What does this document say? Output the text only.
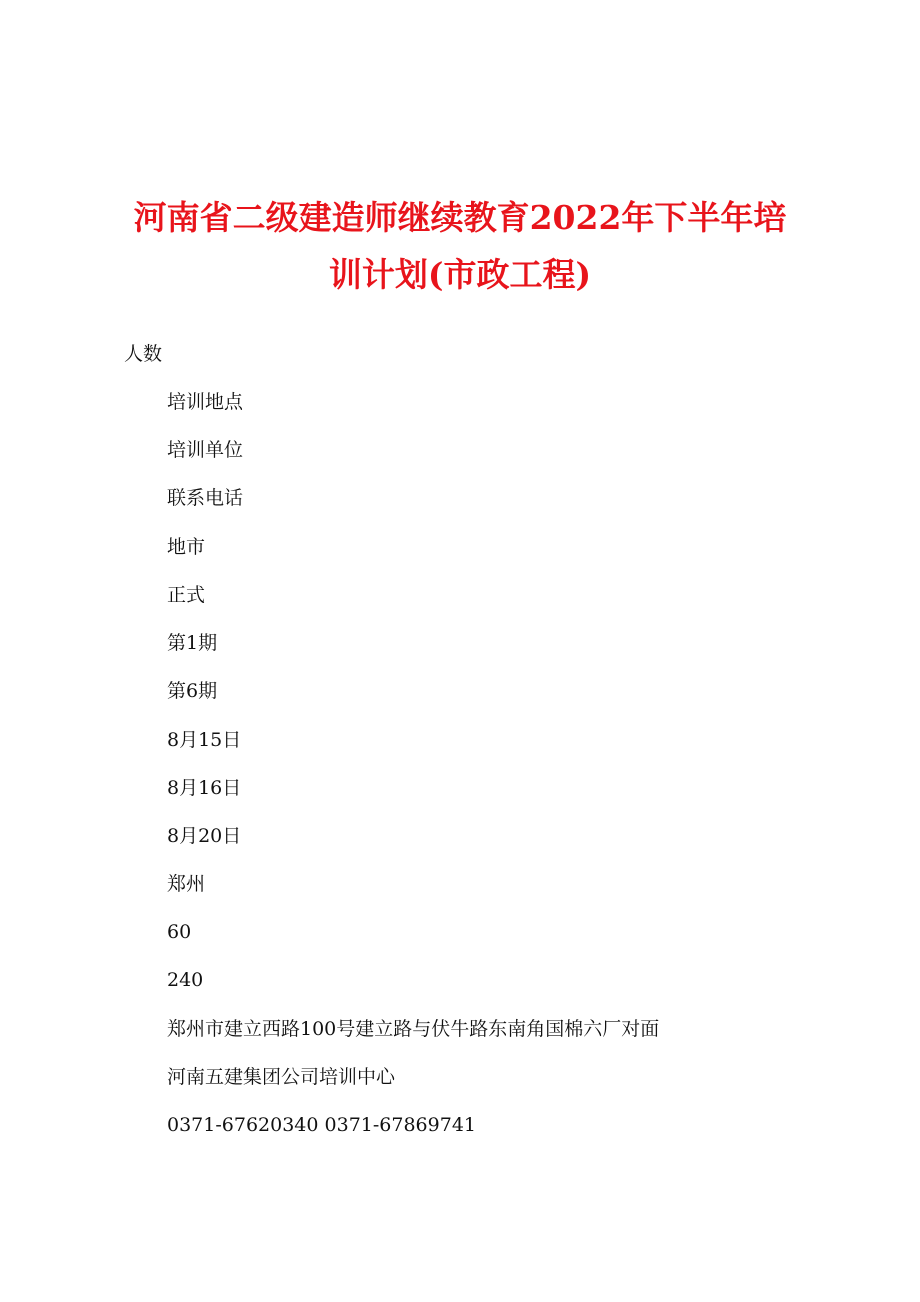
河南省二级建造师继续教育2022年下半年培
训计划(市政工程)

人数

培训地点

培训单位

联系电话

地市

正式

第1期

第6期

8月15日

8月16日

8月20日

郑州

60

240

郑州市建立西路100号建立路与伏牛路东南角国棉六厂对面

河南五建集团公司培训中心

0371-67620340 0371-67869741
